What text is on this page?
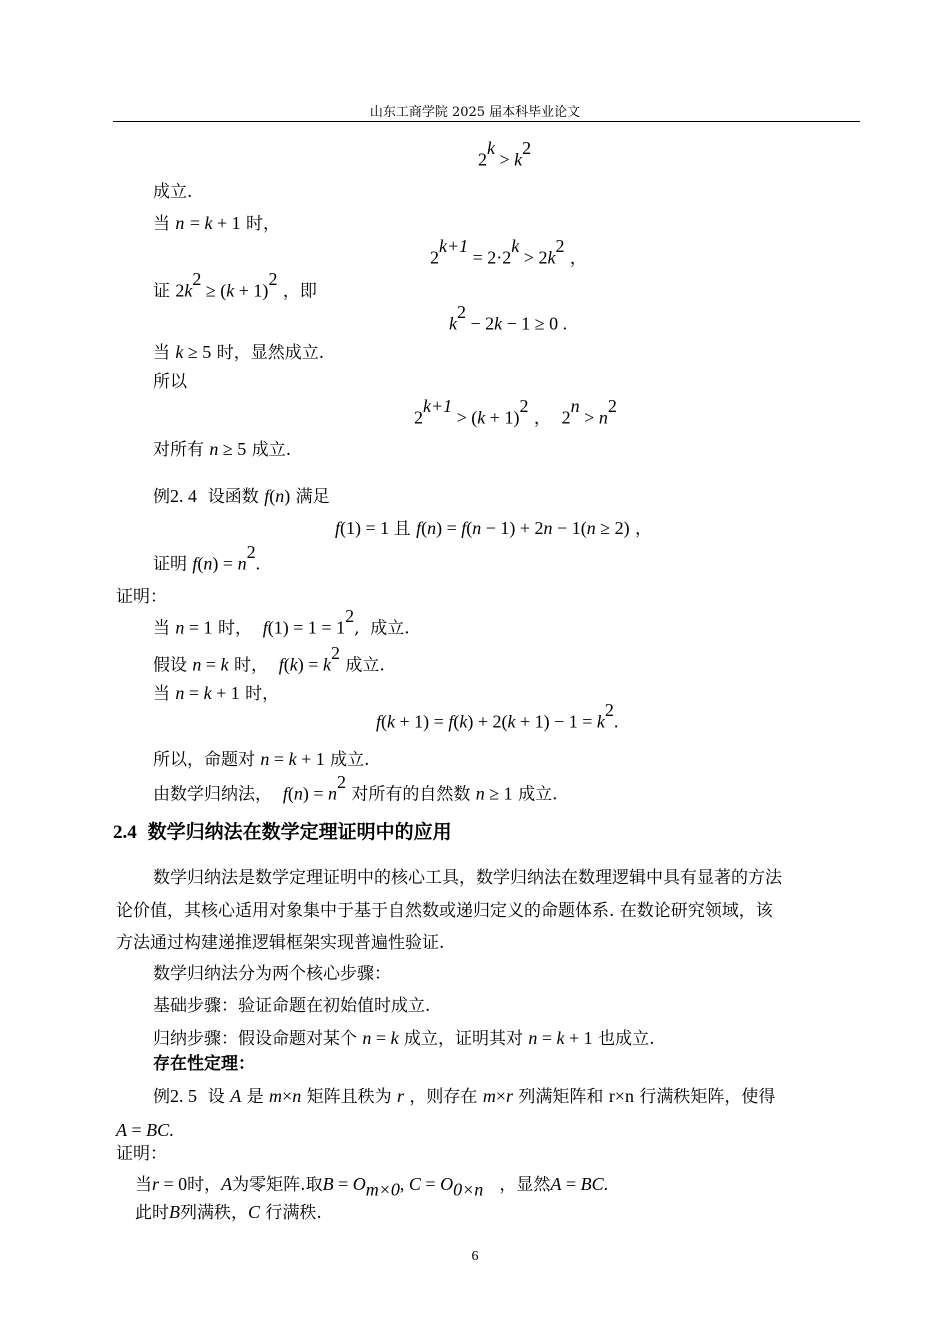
山东工商学院 2025 届本科毕业论文
$2^k > k^2$
成立.
当 n = k + 1 时，
$2^{k+1} = 2\cdot 2^k > 2k^2$ ，
证 $2k^2 \ge (k + 1)^2$ ，即
$k^2 - 2k - 1 \ge 0$ .
当 k ≥ 5 时，显然成立.
所以
$2^{k+1} > (k + 1)^2$ ，  $2^n > n^2$
对所有 n ≥ 5 成立.
例2. 4  设函数 f(n) 满足
f(1) = 1 且 f(n) = f(n − 1) + 2n − 1(n ≥ 2) ，
证明 $f(n) = n^2$.
证明：
当 n = 1 时，  $f(1) = 1 = 1^2$,  成立.
假设 n = k 时，  $f(k) = k^2$ 成立.
当 n = k + 1 时，
$f(k + 1) = f(k) + 2(k + 1) - 1 = k^2$.
所以，命题对 n = k + 1 成立.
由数学归纳法，  $f(n) = n^2$ 对所有的自然数 n ≥ 1 成立.
2.4 数学归纳法在数学定理证明中的应用
数学归纳法是数学定理证明中的核心工具，数学归纳法在数理逻辑中具有显著的方法
论价值，其核心适用对象集中于基于自然数或递归定义的命题体系. 在数论研究领域，该
方法通过构建递推逻辑框架实现普遍性验证.
数学归纳法分为两个核心步骤：
基础步骤：验证命题在初始值时成立.
归纳步骤：假设命题对某个 n = k 成立，证明其对 n = k + 1 也成立.
存在性定理：
例2. 5  设 A 是 m×n 矩阵且秩为 r ，则存在 m×r 列满矩阵和 r×n 行满秩矩阵，使得
A = BC.
证明：
当r = 0时，A为零矩阵.取$B = O_{m\times 0}$, $C = O_{0\times n}$   ，显然A = BC.
此时B列满秩，C 行满秩.
6
